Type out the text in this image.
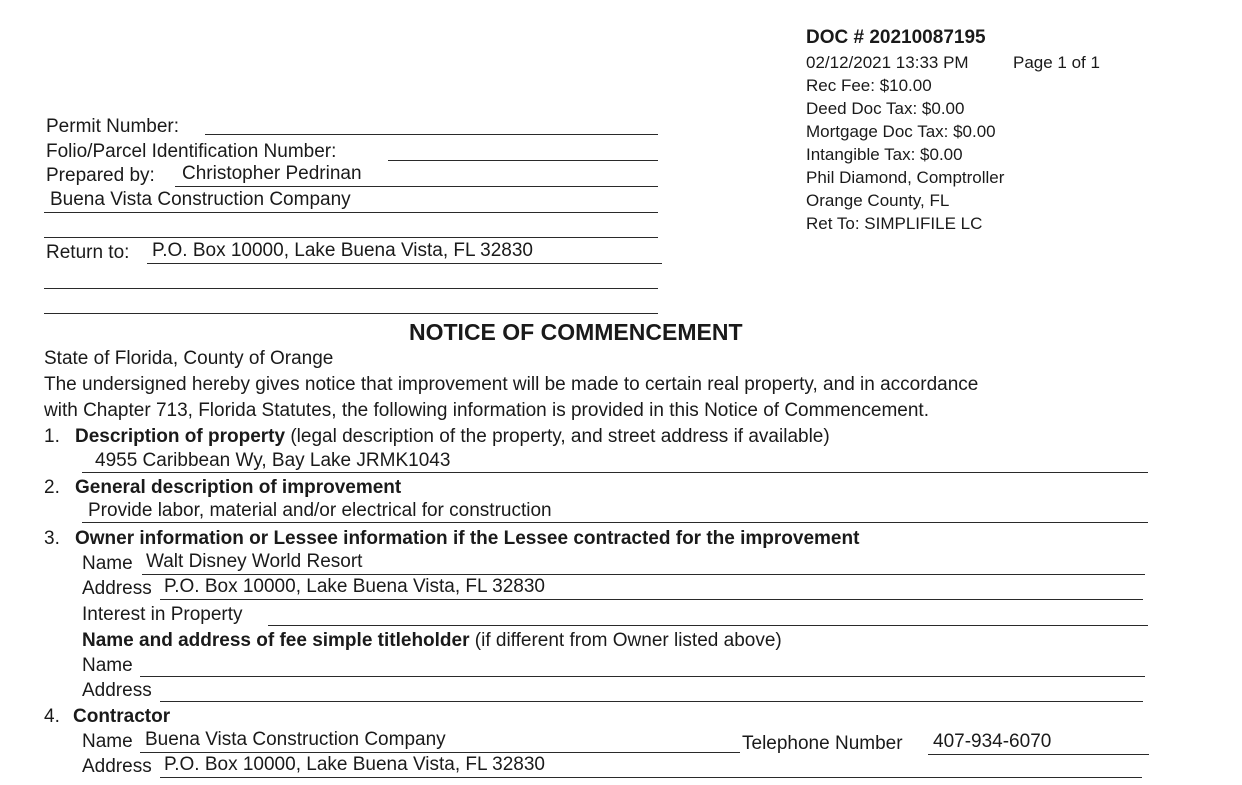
DOC # 20210087195
02/12/2021 13:33 PM	Page 1 of 1
Rec Fee: $10.00
Deed Doc Tax: $0.00
Mortgage Doc Tax: $0.00
Intangible Tax: $0.00
Phil Diamond, Comptroller
Orange County, FL
Ret To: SIMPLIFILE LC
Permit Number:
Folio/Parcel Identification Number:
Prepared by: Christopher Pedrinan
Buena Vista Construction Company
Return to: P.O. Box 10000, Lake Buena Vista, FL 32830
NOTICE OF COMMENCEMENT
State of Florida, County of Orange
The undersigned hereby gives notice that improvement will be made to certain real property, and in accordance
with Chapter 713, Florida Statutes, the following information is provided in this Notice of Commencement.
1. Description of property (legal description of the property, and street address if available)
4955 Caribbean Wy, Bay Lake JRMK1043
2. General description of improvement
Provide labor, material and/or electrical for construction
3. Owner information or Lessee information if the Lessee contracted for the improvement
Name Walt Disney World Resort
Address P.O. Box 10000, Lake Buena Vista, FL 32830
Interest in Property
Name and address of fee simple titleholder (if different from Owner listed above)
Name
Address
4. Contractor
Name Buena Vista Construction Company	Telephone Number 407-934-6070
Address P.O. Box 10000, Lake Buena Vista, FL 32830
